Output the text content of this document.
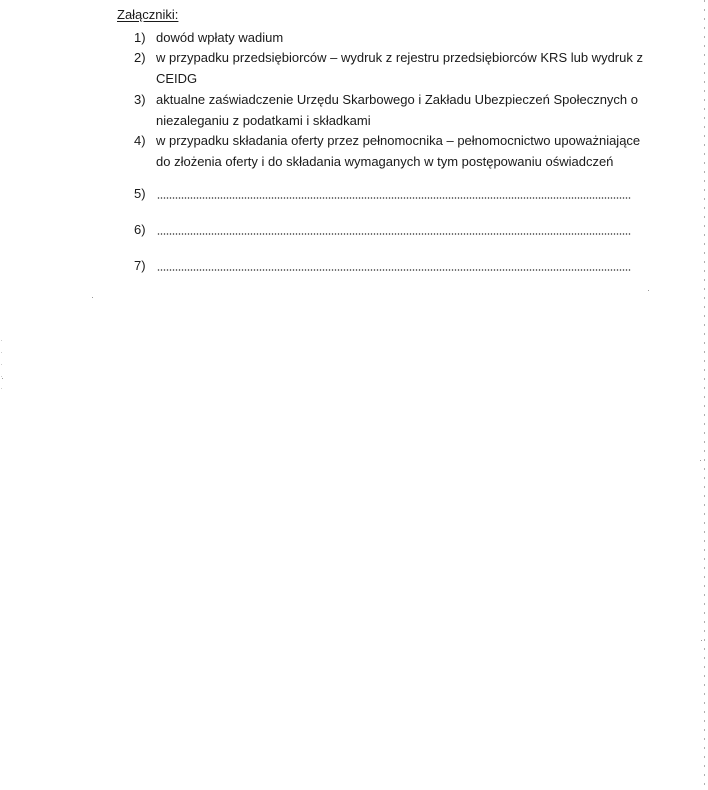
Załączniki:
1) dowód wpłaty wadium
2) w przypadku przedsiębiorców – wydruk z rejestru przedsiębiorców KRS lub wydruk z
CEIDG
3) aktualne zaświadczenie Urzędu Skarbowego i Zakładu Ubezpieczeń Społecznych o
niezaleganiu z podatkami i składkami
4) w przypadku składania oferty przez pełnomocnika – pełnomocnictwo upoważniające
do złożenia oferty i do składania wymaganych w tym postępowaniu oświadczeń
5)
6)
7)
